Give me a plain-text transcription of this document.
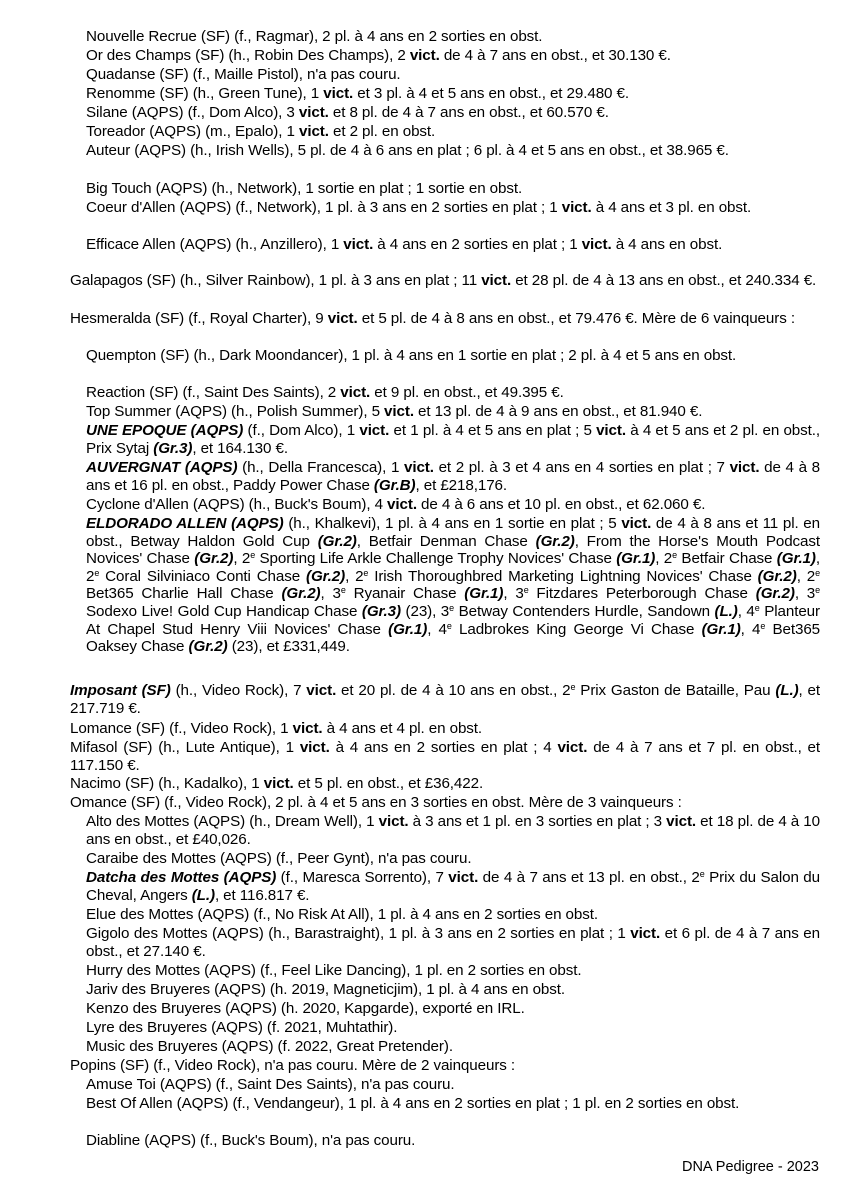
Nouvelle Recrue (SF) (f., Ragmar), 2 pl. à 4 ans en 2 sorties en obst.

Or des Champs (SF) (h., Robin Des Champs), 2 vict. de 4 à 7 ans en obst., et 30.130 €.

Quadanse (SF) (f., Maille Pistol), n'a pas couru.

Renomme (SF) (h., Green Tune), 1 vict. et 3 pl. à 4 et 5 ans en obst., et 29.480 €.

Silane (AQPS) (f., Dom Alco), 3 vict. et 8 pl. de 4 à 7 ans en obst., et 60.570 €.

Toreador (AQPS) (m., Epalo), 1 vict. et 2 pl. en obst.

Auteur (AQPS) (h., Irish Wells), 5 pl. de 4 à 6 ans en plat ; 6 pl. à 4 et 5 ans en obst., et 38.965 €.

Big Touch (AQPS) (h., Network), 1 sortie en plat ; 1 sortie en obst.

Coeur d'Allen (AQPS) (f., Network), 1 pl. à 3 ans en 2 sorties en plat ; 1 vict. à 4 ans et 3 pl. en obst.

Efficace Allen (AQPS) (h., Anzillero), 1 vict. à 4 ans en 2 sorties en plat ; 1 vict. à 4 ans en obst.

Galapagos (SF) (h., Silver Rainbow), 1 pl. à 3 ans en plat ; 11 vict. et 28 pl. de 4 à 13 ans en obst., et 240.334 €.

Hesmeralda (SF) (f., Royal Charter), 9 vict. et 5 pl. de 4 à 8 ans en obst., et 79.476 €. Mère de 6 vainqueurs :

Quempton (SF) (h., Dark Moondancer), 1 pl. à 4 ans en 1 sortie en plat ; 2 pl. à 4 et 5 ans en obst.

Reaction (SF) (f., Saint Des Saints), 2 vict. et 9 pl. en obst., et 49.395 €.

Top Summer (AQPS) (h., Polish Summer), 5 vict. et 13 pl. de 4 à 9 ans en obst., et 81.940 €.

UNE EPOQUE (AQPS) (f., Dom Alco), 1 vict. et 1 pl. à 4 et 5 ans en plat ; 5 vict. à 4 et 5 ans et 2 pl. en obst., Prix Sytaj (Gr.3), et 164.130 €.

AUVERGNAT (AQPS) (h., Della Francesca), 1 vict. et 2 pl. à 3 et 4 ans en 4 sorties en plat ; 7 vict. de 4 à 8 ans et 16 pl. en obst., Paddy Power Chase (Gr.B), et £218,176.

Cyclone d'Allen (AQPS) (h., Buck's Boum), 4 vict. de 4 à 6 ans et 10 pl. en obst., et 62.060 €.

ELDORADO ALLEN (AQPS) (h., Khalkevi), 1 pl. à 4 ans en 1 sortie en plat ; 5 vict. de 4 à 8 ans et 11 pl. en obst., Betway Haldon Gold Cup (Gr.2), Betfair Denman Chase (Gr.2), From the Horse's Mouth Podcast Novices' Chase (Gr.2), 2e Sporting Life Arkle Challenge Trophy Novices' Chase (Gr.1), 2e Betfair Chase (Gr.1), 2e Coral Silviniaco Conti Chase (Gr.2), 2e Irish Thoroughbred Marketing Lightning Novices' Chase (Gr.2), 2e Bet365 Charlie Hall Chase (Gr.2), 3e Ryanair Chase (Gr.1), 3e Fitzdares Peterborough Chase (Gr.2), 3e Sodexo Live! Gold Cup Handicap Chase (Gr.3) (23), 3e Betway Contenders Hurdle, Sandown (L.), 4e Planteur At Chapel Stud Henry Viii Novices' Chase (Gr.1), 4e Ladbrokes King George Vi Chase (Gr.1), 4e Bet365 Oaksey Chase (Gr.2) (23), et £331,449.

Imposant (SF) (h., Video Rock), 7 vict. et 20 pl. de 4 à 10 ans en obst., 2e Prix Gaston de Bataille, Pau (L.), et 217.719 €.

Lomance (SF) (f., Video Rock), 1 vict. à 4 ans et 4 pl. en obst.

Mifasol (SF) (h., Lute Antique), 1 vict. à 4 ans en 2 sorties en plat ; 4 vict. de 4 à 7 ans et 7 pl. en obst., et 117.150 €.

Nacimo (SF) (h., Kadalko), 1 vict. et 5 pl. en obst., et £36,422.

Omance (SF) (f., Video Rock), 2 pl. à 4 et 5 ans en 3 sorties en obst. Mère de 3 vainqueurs :

Alto des Mottes (AQPS) (h., Dream Well), 1 vict. à 3 ans et 1 pl. en 3 sorties en plat ; 3 vict. et 18 pl. de 4 à 10 ans en obst., et £40,026.

Caraibe des Mottes (AQPS) (f., Peer Gynt), n'a pas couru.

Datcha des Mottes (AQPS) (f., Maresca Sorrento), 7 vict. de 4 à 7 ans et 13 pl. en obst., 2e Prix du Salon du Cheval, Angers (L.), et 116.817 €.

Elue des Mottes (AQPS) (f., No Risk At All), 1 pl. à 4 ans en 2 sorties en obst.

Gigolo des Mottes (AQPS) (h., Barastraight), 1 pl. à 3 ans en 2 sorties en plat ; 1 vict. et 6 pl. de 4 à 7 ans en obst., et 27.140 €.

Hurry des Mottes (AQPS) (f., Feel Like Dancing), 1 pl. en 2 sorties en obst.

Jariv des Bruyeres (AQPS) (h. 2019, Magneticjim), 1 pl. à 4 ans en obst.

Kenzo des Bruyeres (AQPS) (h. 2020, Kapgarde), exporté en IRL.

Lyre des Bruyeres (AQPS) (f. 2021, Muhtathir).

Music des Bruyeres (AQPS) (f. 2022, Great Pretender).

Popins (SF) (f., Video Rock), n'a pas couru. Mère de 2 vainqueurs :

Amuse Toi (AQPS) (f., Saint Des Saints), n'a pas couru.

Best Of Allen (AQPS) (f., Vendangeur), 1 pl. à 4 ans en 2 sorties en plat ; 1 pl. en 2 sorties en obst.

Diabline (AQPS) (f., Buck's Boum), n'a pas couru.

DNA Pedigree - 2023
